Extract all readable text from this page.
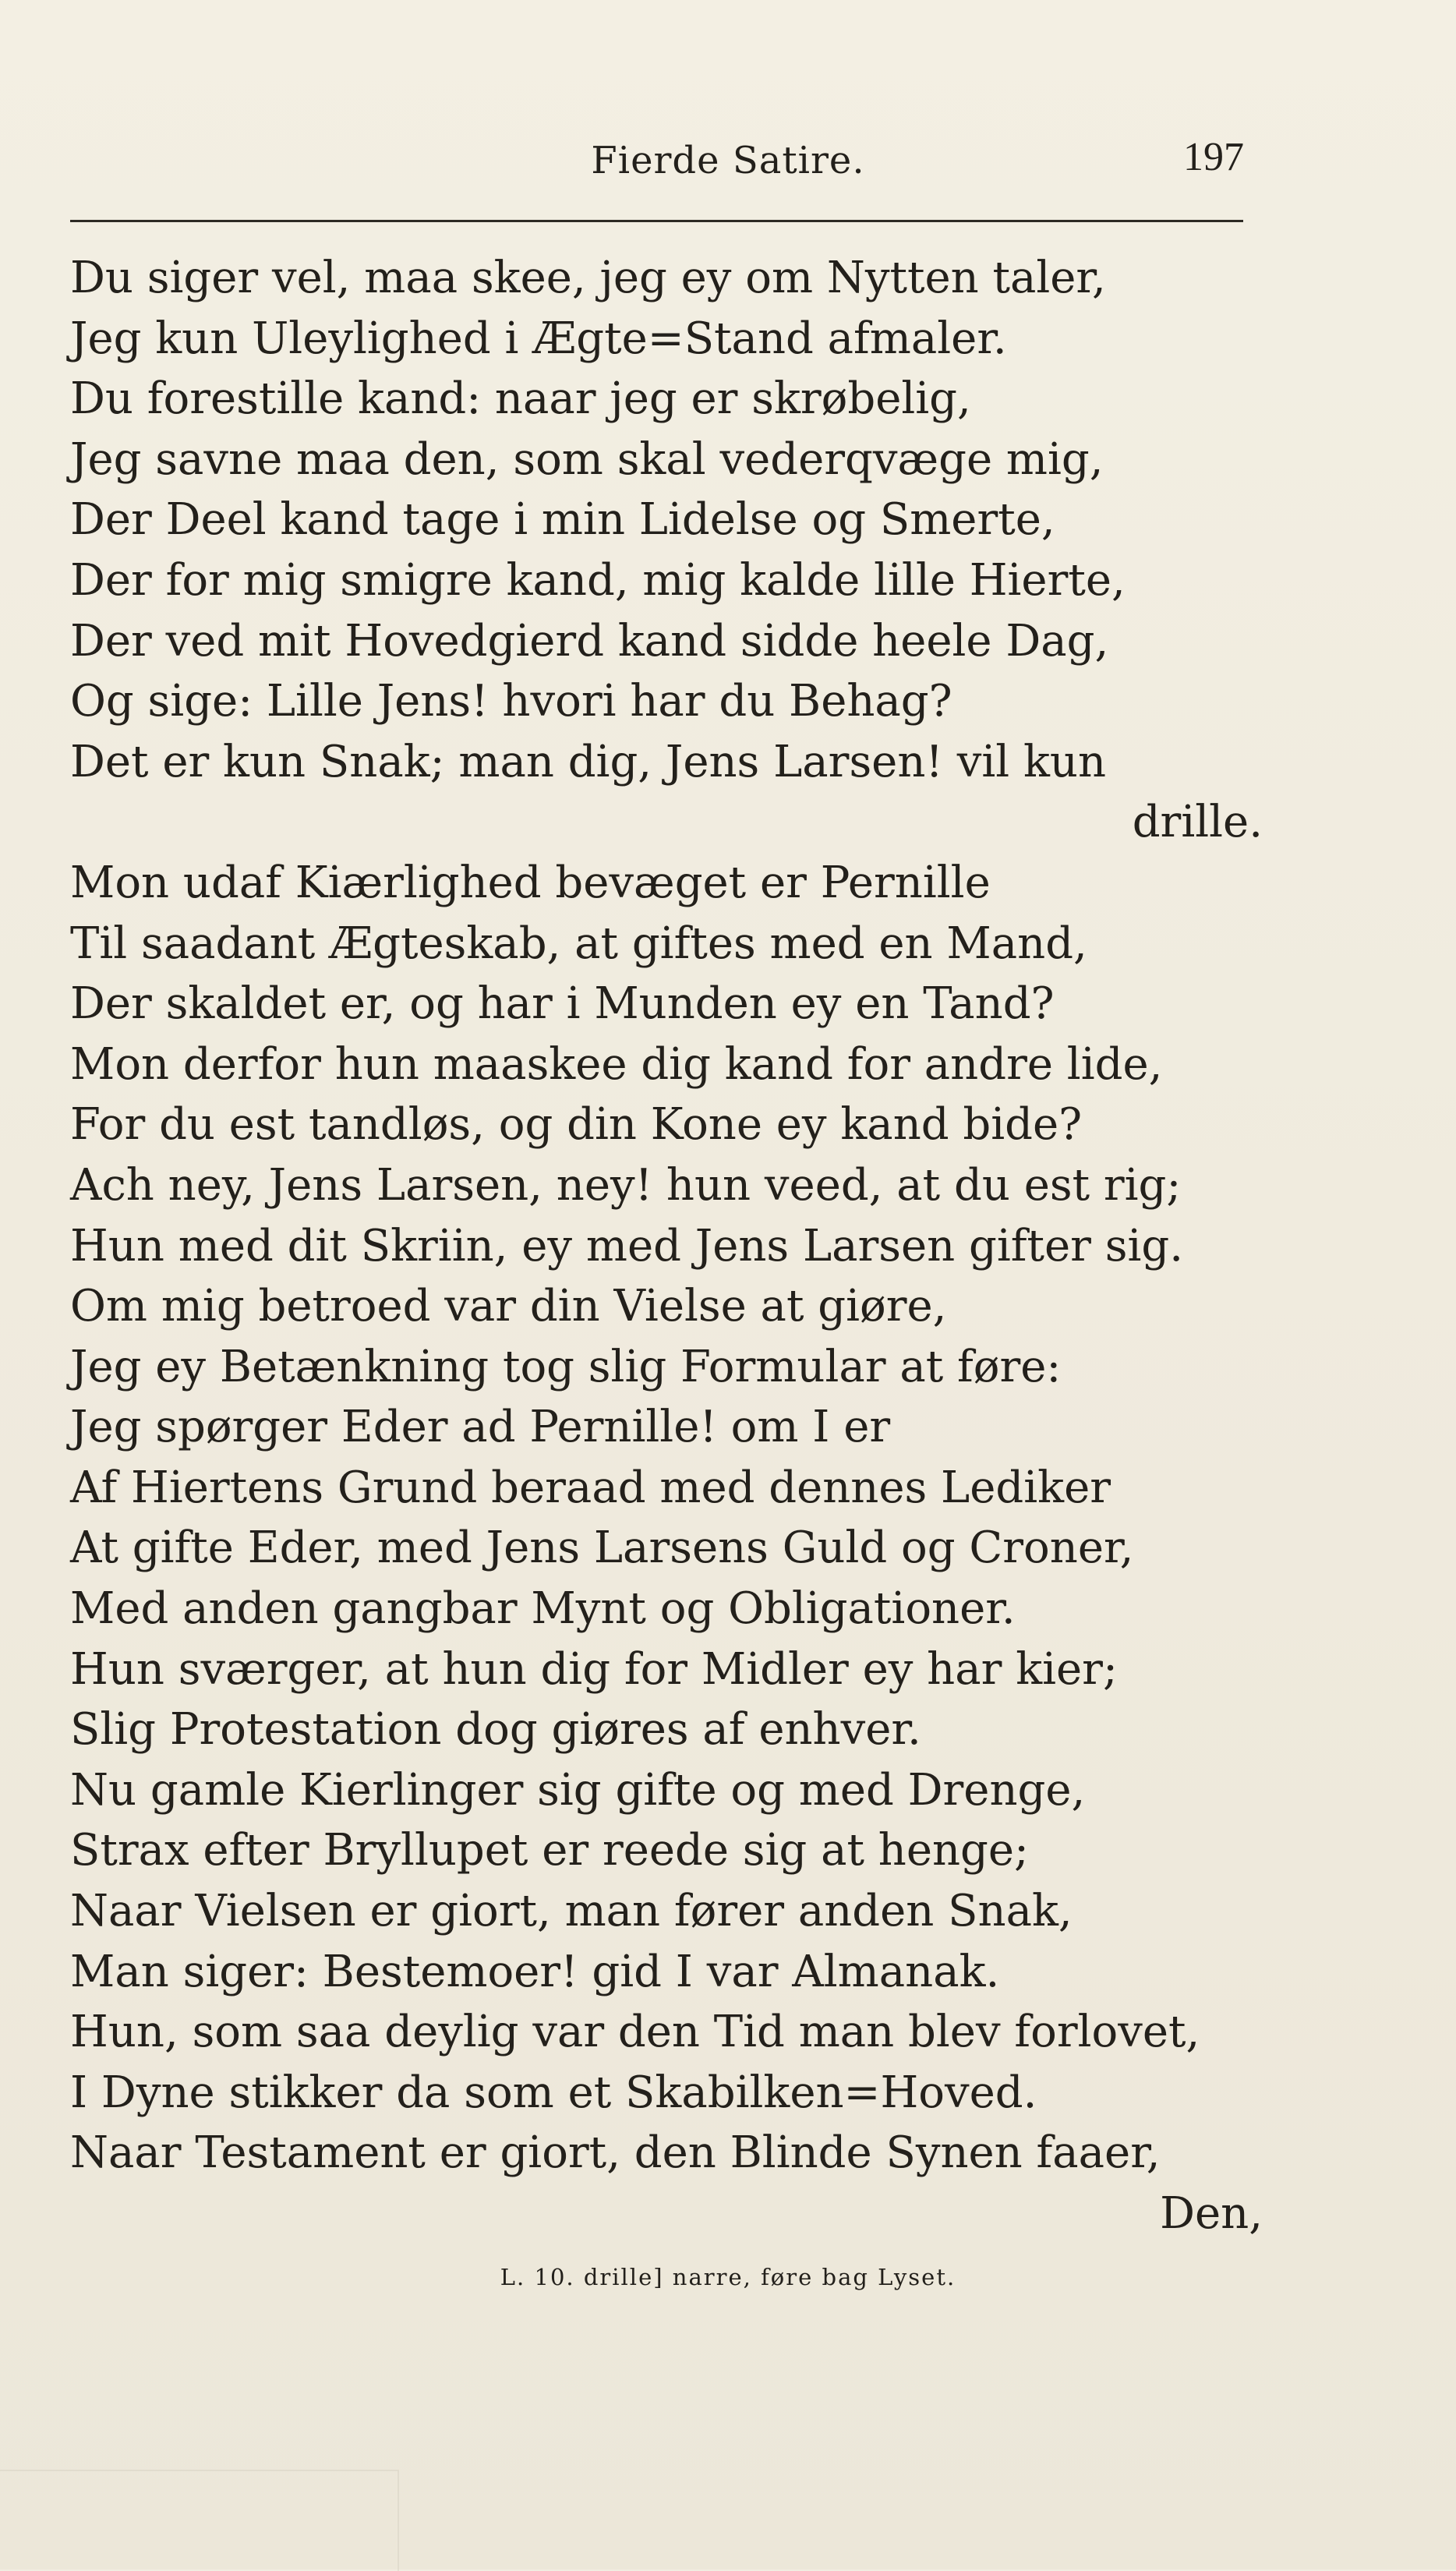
Fierde Satire.	197
Du siger vel, maa skee, jeg ey om Nytten taler,
Jeg kun Uleylighed i Ægte=Stand afmaler.
Du forestille kand: naar jeg er skrøbelig,
Jeg savne maa den, som skal vederqvæge mig,
Der Deel kand tage i min Lidelse og Smerte,
Der for mig smigre kand, mig kalde lille Hierte,
Der ved mit Hovedgierd kand sidde heele Dag,
Og sige: Lille Jens! hvori har du Behag?
Det er kun Snak; man dig, Jens Larsen! vil kun
drille.
Mon udaf Kiærlighed bevæget er Pernille
Til saadant Ægteskab, at giftes med en Mand,
Der skaldet er, og har i Munden ey en Tand?
Mon derfor hun maaskee dig kand for andre lide,
For du est tandløs, og din Kone ey kand bide?
Ach ney, Jens Larsen, ney! hun veed, at du est rig;
Hun med dit Skriin, ey med Jens Larsen gifter sig.
Om mig betroed var din Vielse at giøre,
Jeg ey Betænkning tog slig Formular at føre:
Jeg spørger Eder ad Pernille! om I er
Af Hiertens Grund beraad med dennes Lediker
At gifte Eder, med Jens Larsens Guld og Croner,
Med anden gangbar Mynt og Obligationer.
Hun sværger, at hun dig for Midler ey har kier;
Slig Protestation dog giøres af enhver.
Nu gamle Kierlinger sig gifte og med Drenge,
Strax efter Bryllupet er reede sig at henge;
Naar Vielsen er giort, man fører anden Snak,
Man siger: Bestemoer! gid I var Almanak.
Hun, som saa deylig var den Tid man blev forlovet,
I Dyne stikker da som et Skabilken=Hoved.
Naar Testament er giort, den Blinde Synen faaer,
Den,
L. 10. drille] narre, føre bag Lyset.
